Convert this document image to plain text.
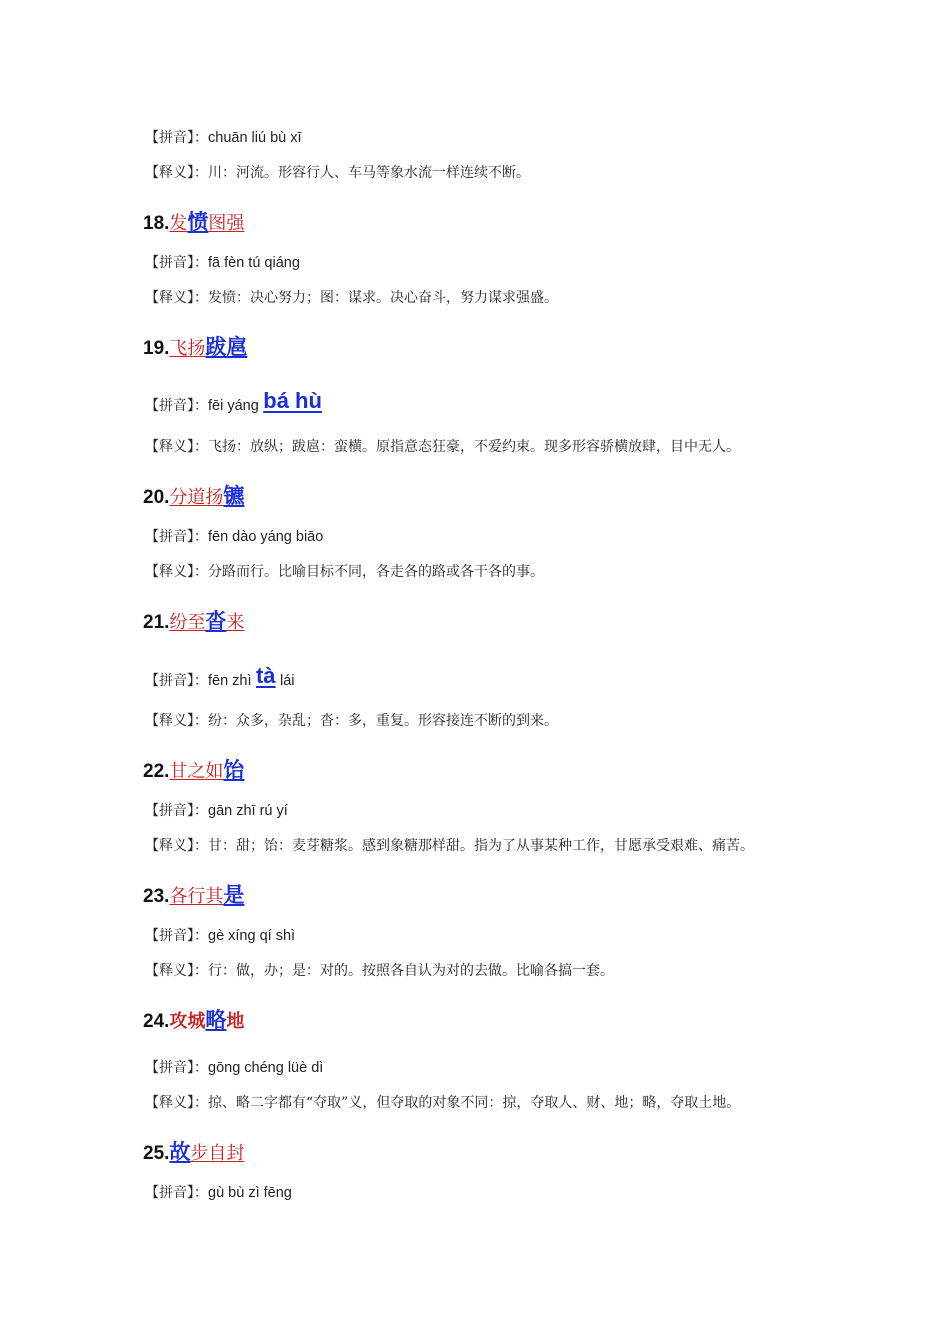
【拼音】：chuān liú bù xī
【释义】：川：河流。形容行人、车马等象水流一样连续不断。
18.发愤图强
【拼音】：fā fèn tú qiáng
【释义】：发愤：决心努力；图：谋求。决心奋斗，努力谋求强盛。
19.飞扬跋扈
【拼音】：fēi yáng bá hù
【释义】：飞扬：放纵；跋扈：蛮横。原指意态狂豪，不爱约束。现多形容骄横放肆，目中无人。
20.分道扬镳
【拼音】：fēn dào yáng biāo
【释义】：分路而行。比喻目标不同，各走各的路或各干各的事。
21.纷至沓来
【拼音】：fēn zhì tà lái
【释义】：纷：众多，杂乱；沓：多，重复。形容接连不断的到来。
22.甘之如饴
【拼音】：gān zhī rú yí
【释义】：甘：甜；饴：麦芽糖浆。感到象糖那样甜。指为了从事某种工作，甘愿承受艰难、痛苦。
23.各行其是
【拼音】：gè xíng qí shì
【释义】：行：做，办；是：对的。按照各自认为对的去做。比喻各搞一套。
24.攻城略地
【拼音】：gōng chéng lüè dì
【释义】：掠、略二字都有“夺取”义，但夺取的对象不同：掠，夺取人、财、地；略，夺取土地。
25.故步自封
【拼音】：gù bù zì fēng
